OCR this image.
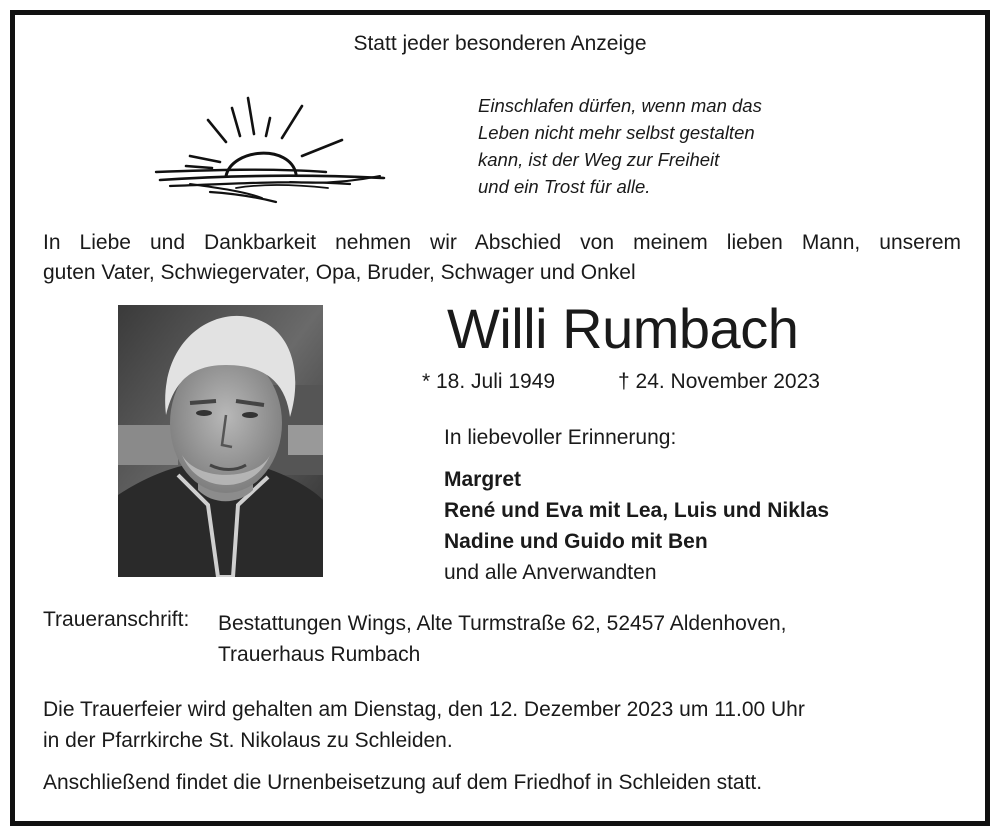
Statt jeder besonderen Anzeige
Einschlafen dürfen, wenn man das
Leben nicht mehr selbst gestalten
kann, ist der Weg zur Freiheit
und ein Trost für alle.
In Liebe und Dankbarkeit nehmen wir Abschied von meinem lieben Mann, unserem
guten Vater, Schwiegervater, Opa, Bruder, Schwager und Onkel
Willi Rumbach
* 18. Juli 1949	† 24. November 2023
In liebevoller Erinnerung:
Margret
René und Eva mit Lea, Luis und Niklas
Nadine und Guido mit Ben
und alle Anverwandten
Traueranschrift: Bestattungen Wings, Alte Turmstraße 62, 52457 Aldenhoven,
Trauerhaus Rumbach
Die Trauerfeier wird gehalten am Dienstag, den 12. Dezember 2023 um 11.00 Uhr
in der Pfarrkirche St. Nikolaus zu Schleiden.
Anschließend findet die Urnenbeisetzung auf dem Friedhof in Schleiden statt.
